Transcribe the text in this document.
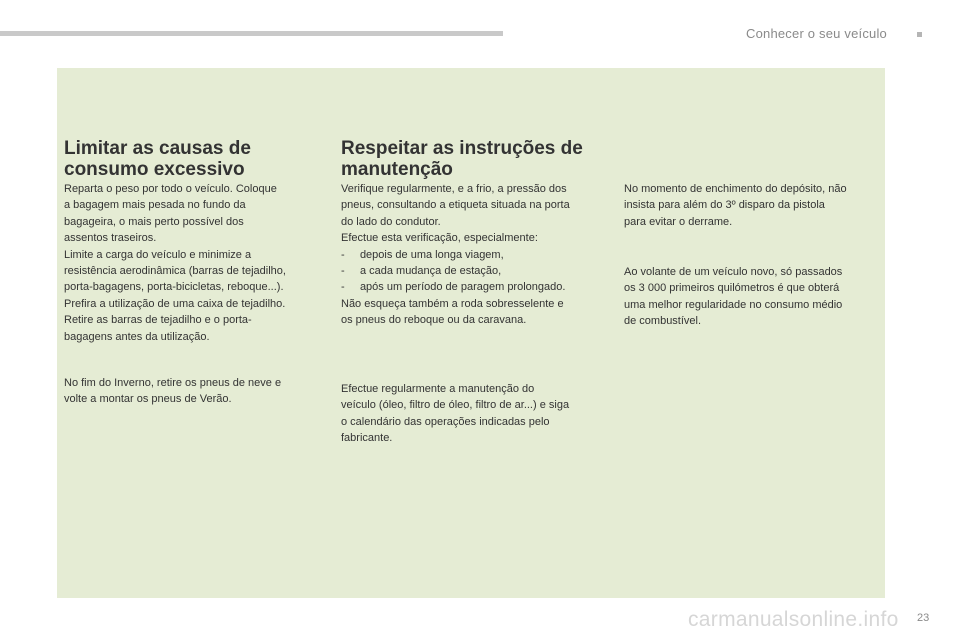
Conhecer o seu veículo
Limitar as causas de
consumo excessivo

Reparta o peso por todo o veículo. Coloque
a bagagem mais pesada no fundo da
bagageira, o mais perto possível dos
assentos traseiros.
Limite a carga do veículo e minimize a
resistência aerodinâmica (barras de tejadilho,
porta-bagagens, porta-bicicletas, reboque...).
Prefira a utilização de uma caixa de tejadilho.
Retire as barras de tejadilho e o porta-
bagagens antes da utilização.

No fim do Inverno, retire os pneus de neve e
volte a montar os pneus de Verão.

Respeitar as instruções de
manutenção

Verifique regularmente, e a frio, a pressão dos
pneus, consultando a etiqueta situada na porta
do lado do condutor.
Efectue esta verificação, especialmente:
-     depois de uma longa viagem,
-     a cada mudança de estação,
-     após um período de paragem prolongado.
Não esqueça também a roda sobresselente e
os pneus do reboque ou da caravana.

Efectue regularmente a manutenção do
veículo (óleo, filtro de óleo, filtro de ar...) e siga
o calendário das operações indicadas pelo
fabricante.

No momento de enchimento do depósito, não
insista para além do 3º disparo da pistola
para evitar o derrame.

Ao volante de um veículo novo, só passados
os 3 000 primeiros quilómetros é que obterá
uma melhor regularidade no consumo médio
de combustível.

23
carmanualsonline.info
